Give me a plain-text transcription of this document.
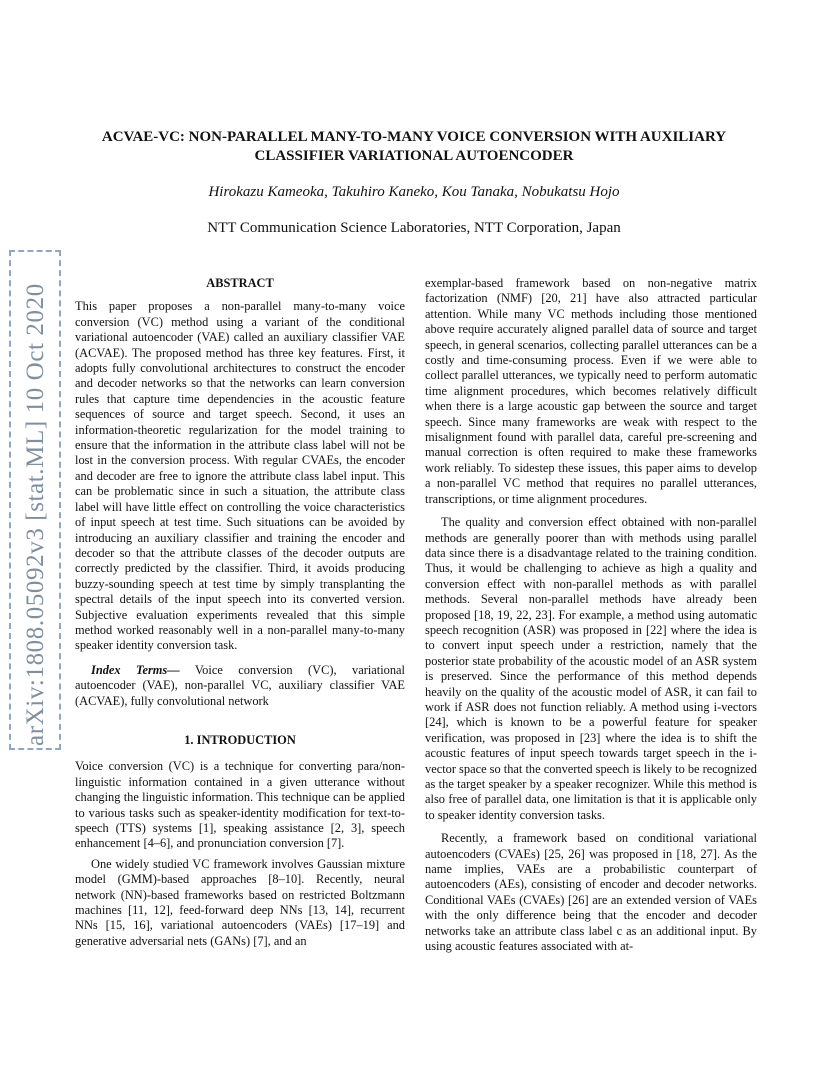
arXiv:1808.05092v3 [stat.ML] 10 Oct 2020
ACVAE-VC: NON-PARALLEL MANY-TO-MANY VOICE CONVERSION WITH AUXILIARY CLASSIFIER VARIATIONAL AUTOENCODER
Hirokazu Kameoka, Takuhiro Kaneko, Kou Tanaka, Nobukatsu Hojo
NTT Communication Science Laboratories, NTT Corporation, Japan

ABSTRACT

This paper proposes a non-parallel many-to-many voice conversion (VC) method using a variant of the conditional variational autoencoder (VAE) called an auxiliary classifier VAE (ACVAE). The proposed method has three key features. First, it adopts fully convolutional architectures to construct the encoder and decoder networks so that the networks can learn conversion rules that capture time dependencies in the acoustic feature sequences of source and target speech. Second, it uses an information-theoretic regularization for the model training to ensure that the information in the attribute class label will not be lost in the conversion process. With regular CVAEs, the encoder and decoder are free to ignore the attribute class label input. This can be problematic since in such a situation, the attribute class label will have little effect on controlling the voice characteristics of input speech at test time. Such situations can be avoided by introducing an auxiliary classifier and training the encoder and decoder so that the attribute classes of the decoder outputs are correctly predicted by the classifier. Third, it avoids producing buzzy-sounding speech at test time by simply transplanting the spectral details of the input speech into its converted version. Subjective evaluation experiments revealed that this simple method worked reasonably well in a non-parallel many-to-many speaker identity conversion task.

Index Terms— Voice conversion (VC), variational autoencoder (VAE), non-parallel VC, auxiliary classifier VAE (ACVAE), fully convolutional network

1. INTRODUCTION

Voice conversion (VC) is a technique for converting para/non-linguistic information contained in a given utterance without changing the linguistic information. This technique can be applied to various tasks such as speaker-identity modification for text-to-speech (TTS) systems [1], speaking assistance [2, 3], speech enhancement [4–6], and pronunciation conversion [7].

One widely studied VC framework involves Gaussian mixture model (GMM)-based approaches [8–10]. Recently, neural network (NN)-based frameworks based on restricted Boltzmann machines [11, 12], feed-forward deep NNs [13, 14], recurrent NNs [15, 16], variational autoencoders (VAEs) [17–19] and generative adversarial nets (GANs) [7], and an

exemplar-based framework based on non-negative matrix factorization (NMF) [20, 21] have also attracted particular attention. While many VC methods including those mentioned above require accurately aligned parallel data of source and target speech, in general scenarios, collecting parallel utterances can be a costly and time-consuming process. Even if we were able to collect parallel utterances, we typically need to perform automatic time alignment procedures, which becomes relatively difficult when there is a large acoustic gap between the source and target speech. Since many frameworks are weak with respect to the misalignment found with parallel data, careful pre-screening and manual correction is often required to make these frameworks work reliably. To sidestep these issues, this paper aims to develop a non-parallel VC method that requires no parallel utterances, transcriptions, or time alignment procedures.

The quality and conversion effect obtained with non-parallel methods are generally poorer than with methods using parallel data since there is a disadvantage related to the training condition. Thus, it would be challenging to achieve as high a quality and conversion effect with non-parallel methods as with parallel methods. Several non-parallel methods have already been proposed [18, 19, 22, 23]. For example, a method using automatic speech recognition (ASR) was proposed in [22] where the idea is to convert input speech under a restriction, namely that the posterior state probability of the acoustic model of an ASR system is preserved. Since the performance of this method depends heavily on the quality of the acoustic model of ASR, it can fail to work if ASR does not function reliably. A method using i-vectors [24], which is known to be a powerful feature for speaker verification, was proposed in [23] where the idea is to shift the acoustic features of input speech towards target speech in the i-vector space so that the converted speech is likely to be recognized as the target speaker by a speaker recognizer. While this method is also free of parallel data, one limitation is that it is applicable only to speaker identity conversion tasks.

Recently, a framework based on conditional variational autoencoders (CVAEs) [25, 26] was proposed in [18, 27]. As the name implies, VAEs are a probabilistic counterpart of autoencoders (AEs), consisting of encoder and decoder networks. Conditional VAEs (CVAEs) [26] are an extended version of VAEs with the only difference being that the encoder and decoder networks take an attribute class label c as an additional input. By using acoustic features associated with at-
